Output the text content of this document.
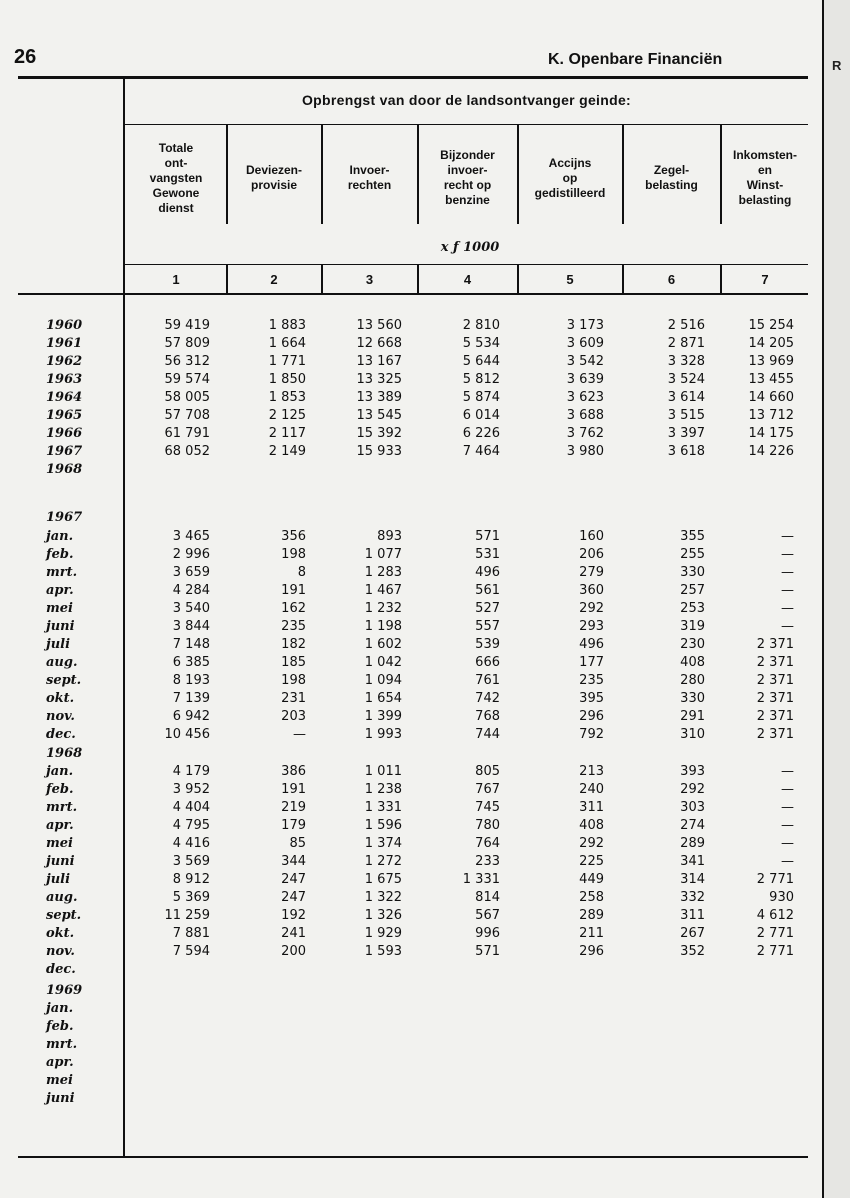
26	K. Openbare Financiën
Opbrengst van door de landsontvanger geinde:
Totale
ont-
vangsten
Gewone
dienst
Deviezen-
provisie
Invoer-
rechten
Bijzonder
invoer-
recht op
benzine
Accijns
op
gedistilleerd
Zegel-
belasting
Inkomsten-
en
Winst-
belasting
x ƒ 1000
1	2	3	4	5	6	7
1960	59 419	1 883	13 560	2 810	3 173	2 516	15 254
1961	57 809	1 664	12 668	5 534	3 609	2 871	14 205
1962	56 312	1 771	13 167	5 644	3 542	3 328	13 969
1963	59 574	1 850	13 325	5 812	3 639	3 524	13 455
1964	58 005	1 853	13 389	5 874	3 623	3 614	14 660
1965	57 708	2 125	13 545	6 014	3 688	3 515	13 712
1966	61 791	2 117	15 392	6 226	3 762	3 397	14 175
1967	68 052	2 149	15 933	7 464	3 980	3 618	14 226
1968
1967
jan.	3 465	356	893	571	160	355	—
feb.	2 996	198	1 077	531	206	255	—
mrt.	3 659	8	1 283	496	279	330	—
apr.	4 284	191	1 467	561	360	257	—
mei	3 540	162	1 232	527	292	253	—
juni	3 844	235	1 198	557	293	319	—
juli	7 148	182	1 602	539	496	230	2 371
aug.	6 385	185	1 042	666	177	408	2 371
sept.	8 193	198	1 094	761	235	280	2 371
okt.	7 139	231	1 654	742	395	330	2 371
nov.	6 942	203	1 399	768	296	291	2 371
dec.	10 456	—	1 993	744	792	310	2 371
1968
jan.	4 179	386	1 011	805	213	393	—
feb.	3 952	191	1 238	767	240	292	—
mrt.	4 404	219	1 331	745	311	303	—
apr.	4 795	179	1 596	780	408	274	—
mei	4 416	85	1 374	764	292	289	—
juni	3 569	344	1 272	233	225	341	—
juli	8 912	247	1 675	1 331	449	314	2 771
aug.	5 369	247	1 322	814	258	332	930
sept.	11 259	192	1 326	567	289	311	4 612
okt.	7 881	241	1 929	996	211	267	2 771
nov.	7 594	200	1 593	571	296	352	2 771
dec.
1969
jan.
feb.
mrt.
apr.
mei
juni
R
